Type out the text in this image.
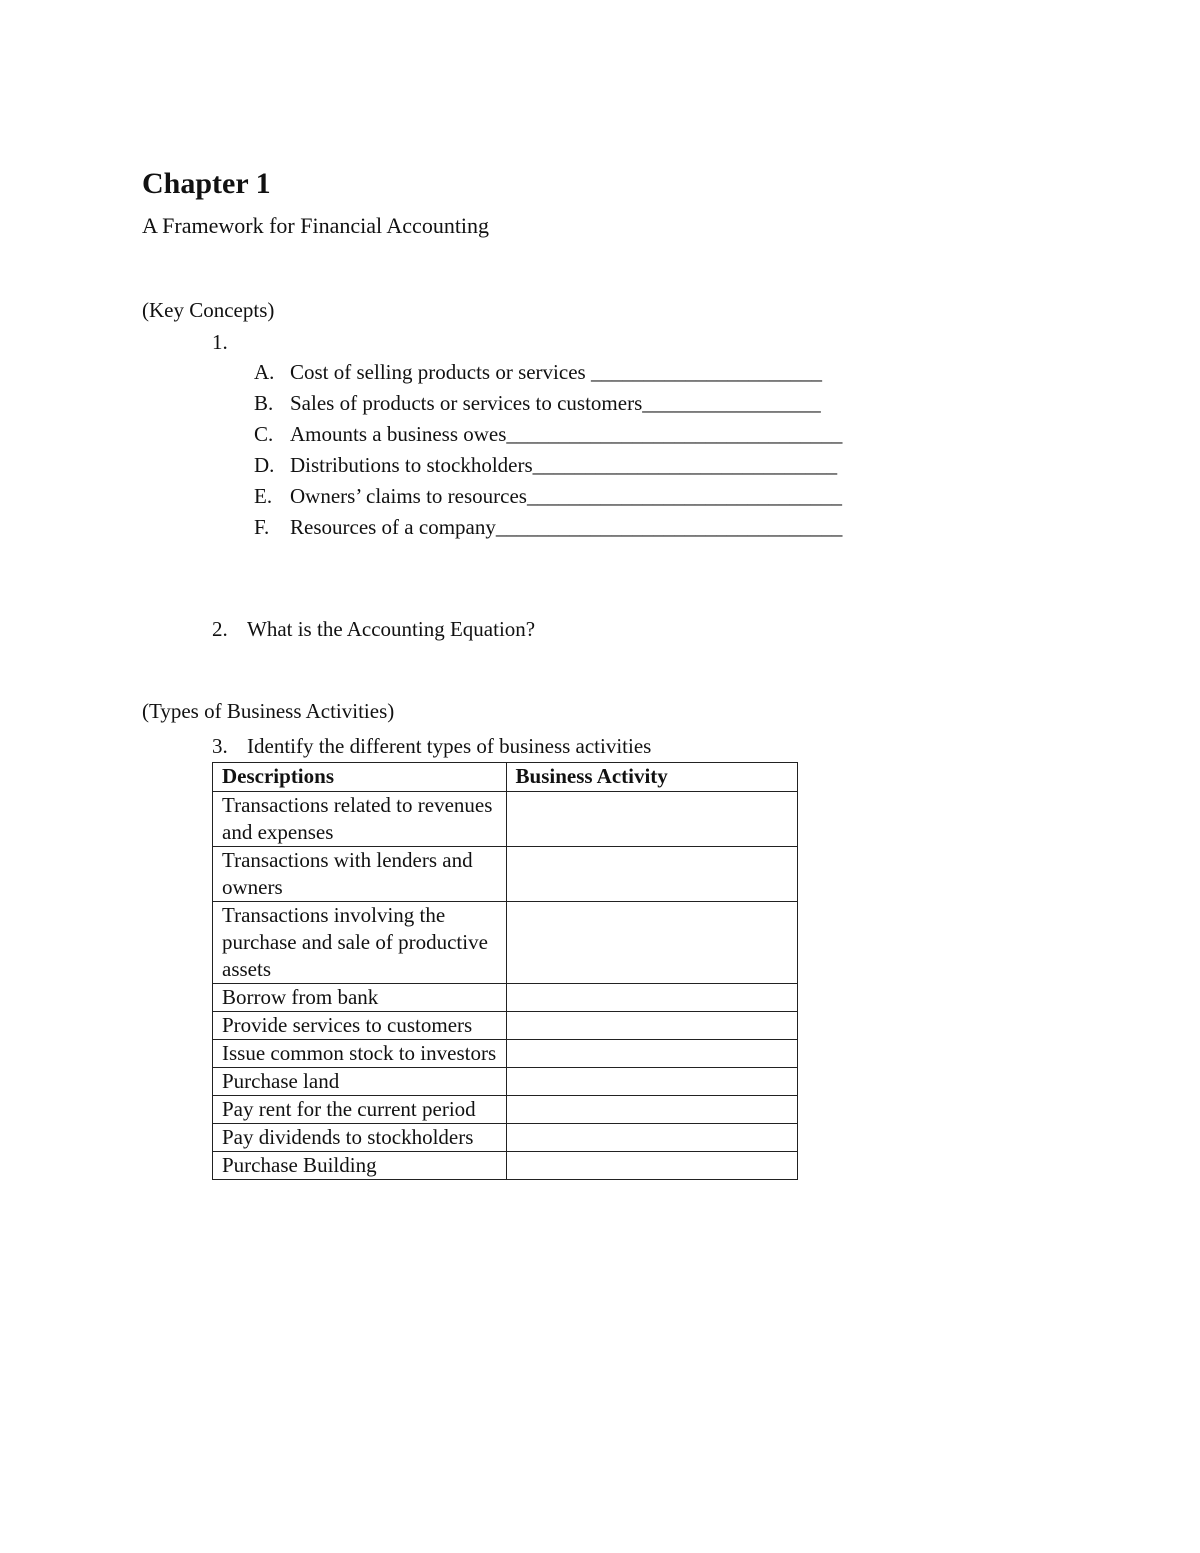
Chapter 1
A Framework for Financial Accounting
(Key Concepts)
1.
A. Cost of selling products or services ______________________
B. Sales of products or services to customers_________________
C. Amounts a business owes________________________________
D. Distributions to stockholders_____________________________
E. Owners’ claims to resources______________________________
F. Resources of a company_________________________________
2. What is the Accounting Equation?
(Types of Business Activities)
3. Identify the different types of business activities
Descriptions	Business Activity
Transactions related to revenues and expenses	
Transactions with lenders and owners	
Transactions involving the purchase and sale of productive assets	
Borrow from bank	
Provide services to customers	
Issue common stock to investors	
Purchase land	
Pay rent for the current period	
Pay dividends to stockholders	
Purchase Building	
